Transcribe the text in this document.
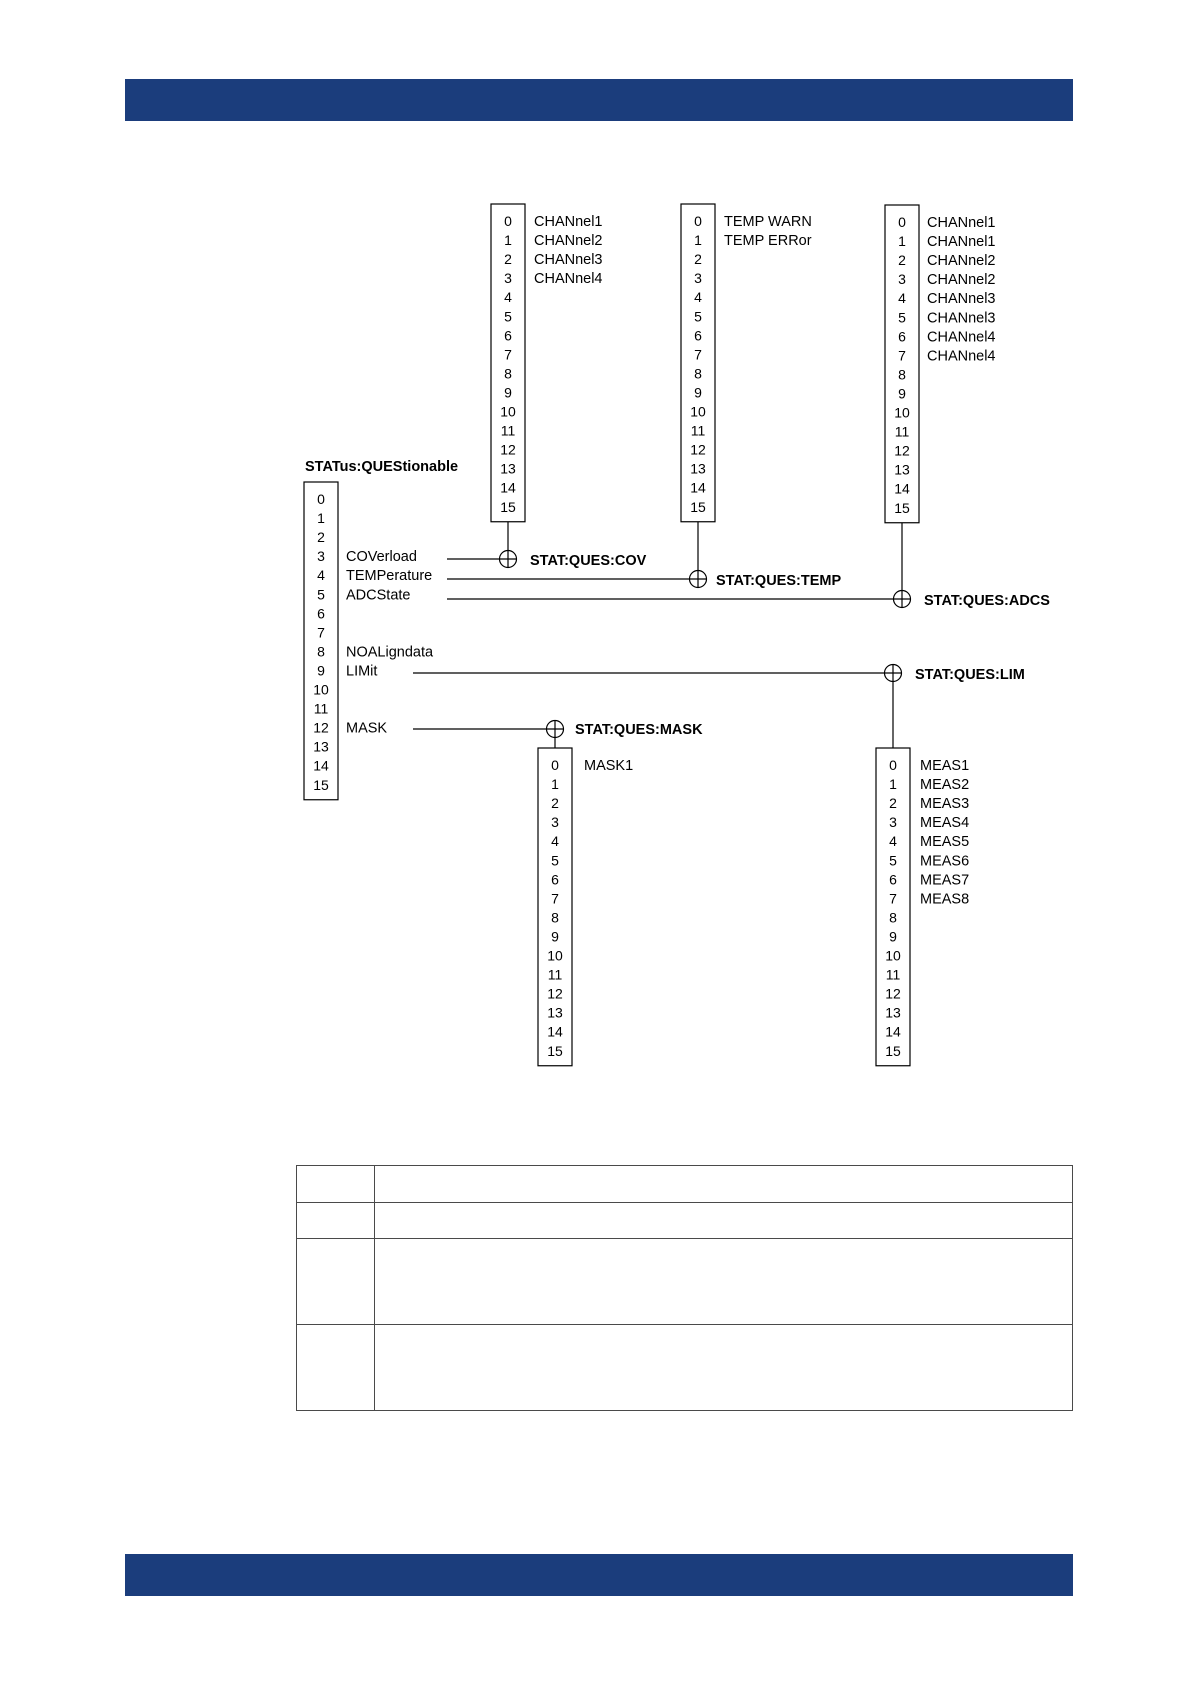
STATus:QUEStionable
0
1
2
3 COVerload
4 TEMPerature
5 ADCState
6
7
8 NOALigndata
9 LIMit
10
11
12 MASK
13
14
15
0 CHANnel1
1 CHANnel2
2 CHANnel3
3 CHANnel4
4
5
6
7
8
9
10
11
12
13
14
15
STAT:QUES:COV
0 TEMP WARN
1 TEMP ERRor
2
3
4
5
6
7
8
9
10
11
12
13
14
15
STAT:QUES:TEMP
0 CHANnel1
1 CHANnel1
2 CHANnel2
3 CHANnel2
4 CHANnel3
5 CHANnel3
6 CHANnel4
7 CHANnel4
8
9
10
11
12
13
14
15
STAT:QUES:ADCS
0 MEAS1
1 MEAS2
2 MEAS3
3 MEAS4
4 MEAS5
5 MEAS6
6 MEAS7
7 MEAS8
8
9
10
11
12
13
14
15
STAT:QUES:LIM
0 MASK1
1
2
3
4
5
6
7
8
9
10
11
12
13
14
15
STAT:QUES:MASK
